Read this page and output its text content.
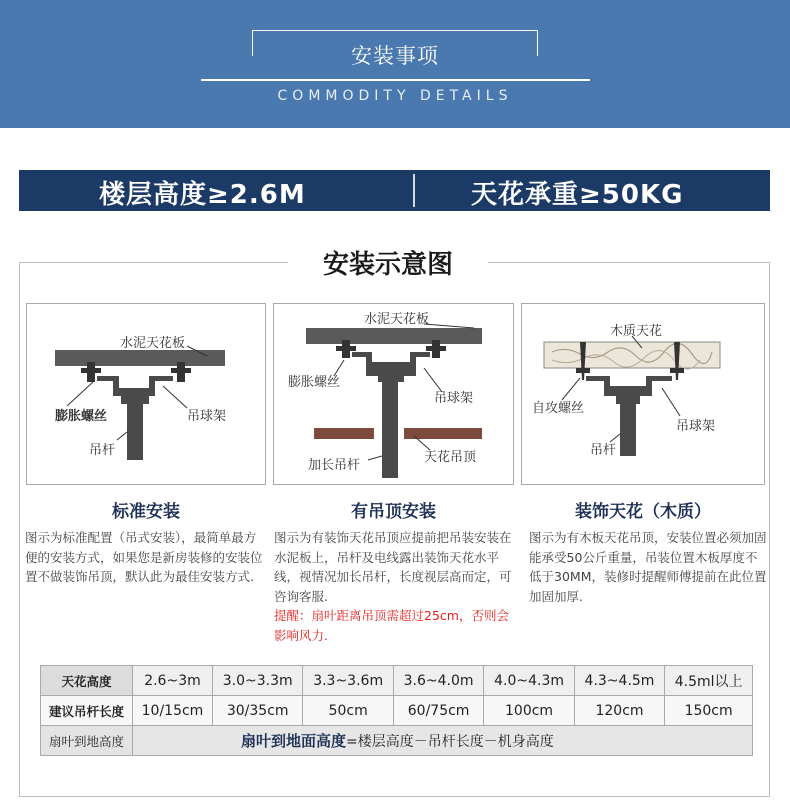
安装事项
COMMODITY DETAILS
楼层高度≥2.6M	天花承重≥50KG
安装示意图
水泥天花板
膨胀螺丝	吊球架
吊杆
水泥天花板
膨胀螺丝
吊球架
天花吊顶
加长吊杆
木质天花
自攻螺丝
吊球架
吊杆
标准安装	有吊顶安装	装饰天花（木质）
图示为标准配置（吊式安装），最简单最方便的安装方式，如果您是新房装修的安装位置不做装饰吊顶，默认此为最佳安装方式.
图示为有装饰天花吊顶应提前把吊装安装在水泥板上，吊杆及电线露出装饰天花水平线，视情况加长吊杆，长度视层高而定，可咨询客服.
提醒：扇叶距离吊顶需超过25cm，否则会影响风力.
图示为有木板天花吊顶，安装位置必须加固能承受50公斤重量，吊装位置木板厚度不低于30MM，装修时提醒师傅提前在此位置加固加厚.
天花高度	2.6~3m	3.0~3.3m	3.3~3.6m	3.6~4.0m	4.0~4.3m	4.3~4.5m	4.5ml以上
建议吊杆长度	10/15cm	30/35cm	50cm	60/75cm	100cm	120cm	150cm
扇叶到地高度	扇叶到地面高度=楼层高度－吊杆长度－机身高度						
